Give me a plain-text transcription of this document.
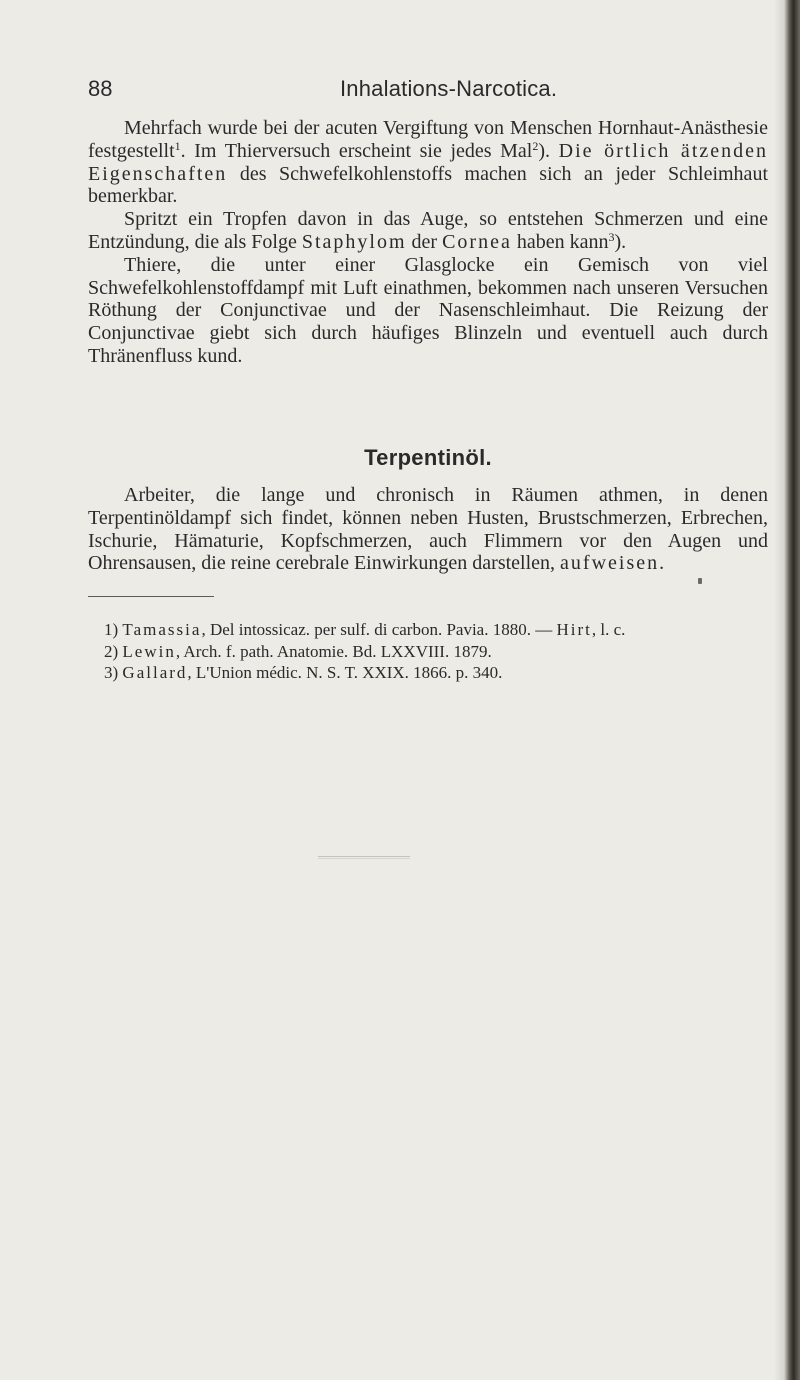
88	Inhalations-Narcotica.

Mehrfach wurde bei der acuten Vergiftung von Menschen Hornhaut-Anästhesie festgestellt$^1$. Im Thierversuch erscheint sie jedes Mal$^2$). Die örtlich ätzenden Eigenschaften des Schwefelkohlenstoffs machen sich an jeder Schleimhaut bemerkbar.

Spritzt ein Tropfen davon in das Auge, so entstehen Schmerzen und eine Entzündung, die als Folge Staphylom der Cornea haben kann$^3$).

Thiere, die unter einer Glasglocke ein Gemisch von viel Schwefelkohlenstoffdampf mit Luft einathmen, bekommen nach unseren Versuchen Röthung der Conjunctivae und der Nasenschleimhaut. Die Reizung der Conjunctivae giebt sich durch häufiges Blinzeln und eventuell auch durch Thränenfluss kund.

Terpentinöl.

Arbeiter, die lange und chronisch in Räumen athmen, in denen Terpentinöldampf sich findet, können neben Husten, Brustschmerzen, Erbrechen, Ischurie, Hämaturie, Kopfschmerzen, auch Flimmern vor den Augen und Ohrensausen, die reine cerebrale Einwirkungen darstellen, aufweisen.

1) Tamassia, Del intossicaz. per sulf. di carbon. Pavia. 1880. — Hirt, l. c.

2) Lewin, Arch. f. path. Anatomie. Bd. LXXVIII. 1879.

3) Gallard, L'Union médic. N. S. T. XXIX. 1866. p. 340.
